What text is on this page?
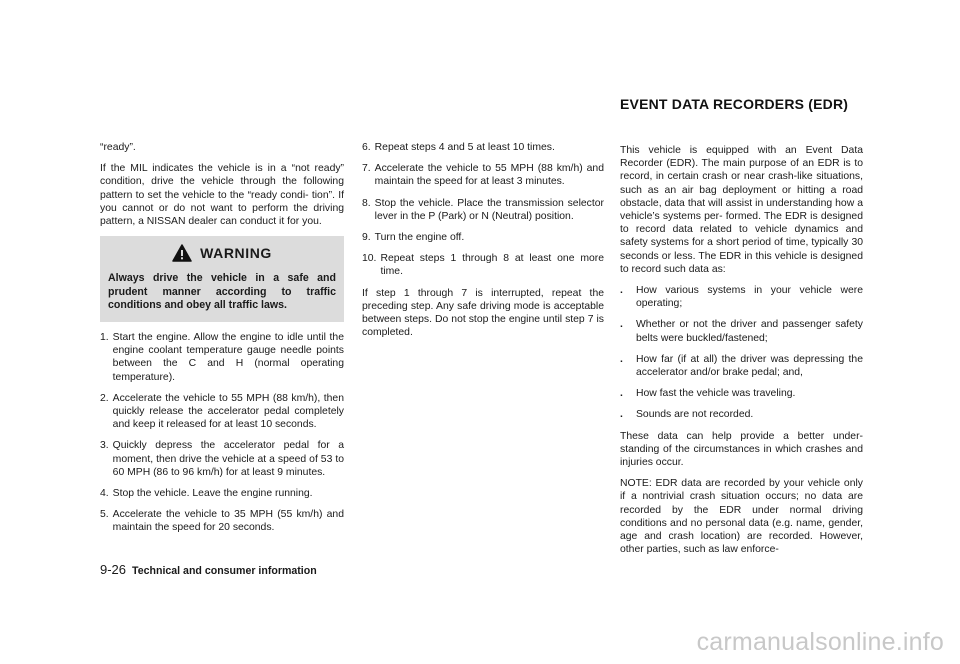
EVENT DATA RECORDERS (EDR)

“ready”.

If the MIL indicates the vehicle is in a “not ready” condition, drive the vehicle through the following pattern to set the vehicle to the “ready condi- tion”. If you cannot or do not want to perform the driving pattern, a NISSAN dealer can conduct it for you.

WARNING
Always drive the vehicle in a safe and prudent manner according to traffic conditions and obey all traffic laws.
1. Start the engine. Allow the engine to idle until the engine coolant temperature gauge needle points between the C and H (normal operating temperature).
2. Accelerate the vehicle to 55 MPH (88 km/h), then quickly release the accelerator pedal completely and keep it released for at least 10 seconds.
3. Quickly depress the accelerator pedal for a moment, then drive the vehicle at a speed of 53 to 60 MPH (86 to 96 km/h) for at least 9 minutes.
4. Stop the vehicle. Leave the engine running.
5. Accelerate the vehicle to 35 MPH (55 km/h) and maintain the speed for 20 seconds.
6. Repeat steps 4 and 5 at least 10 times.
7. Accelerate the vehicle to 55 MPH (88 km/h) and maintain the speed for at least 3 minutes.
8. Stop the vehicle. Place the transmission selector lever in the P (Park) or N (Neutral) position.
9. Turn the engine off.
10. Repeat steps 1 through 8 at least one more time.

If step 1 through 7 is interrupted, repeat the preceding step. Any safe driving mode is acceptable between steps. Do not stop the engine until step 7 is completed.

This vehicle is equipped with an Event Data Recorder (EDR). The main purpose of an EDR is to record, in certain crash or near crash-like situations, such as an air bag deployment or hitting a road obstacle, data that will assist in understanding how a vehicle’s systems per- formed. The EDR is designed to record data related to vehicle dynamics and safety systems for a short period of time, typically 30 seconds or less. The EDR in this vehicle is designed to record such data as:

.	How various systems in your vehicle were operating;
.	Whether or not the driver and passenger safety belts were buckled/fastened;
.	How far (if at all) the driver was depressing the accelerator and/or brake pedal; and,
.	How fast the vehicle was traveling.
.	Sounds are not recorded.

These data can help provide a better under- standing of the circumstances in which crashes and injuries occur.

NOTE: EDR data are recorded by your vehicle only if a nontrivial crash situation occurs; no data are recorded by the EDR under normal driving conditions and no personal data (e.g. name, gender, age and crash location) are recorded. However, other parties, such as law enforce-

9-26 Technical and consumer information
carmanualsonline.info
